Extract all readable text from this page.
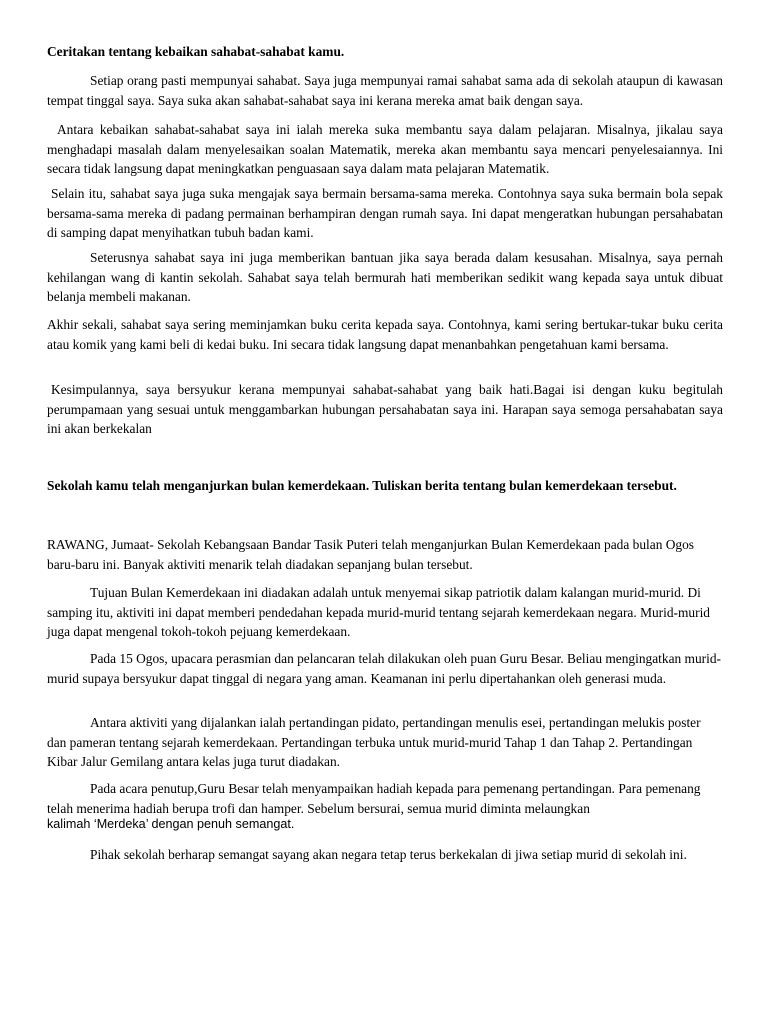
Ceritakan tentang kebaikan sahabat-sahabat kamu.

Setiap orang pasti mempunyai sahabat. Saya juga mempunyai ramai sahabat sama ada di sekolah ataupun di kawasan tempat tinggal saya. Saya suka akan sahabat-sahabat saya ini kerana mereka amat baik dengan saya.

Antara kebaikan sahabat-sahabat saya ini ialah mereka suka membantu saya dalam pelajaran. Misalnya, jikalau saya menghadapi masalah dalam menyelesaikan soalan Matematik, mereka akan membantu saya mencari penyelesaiannya. Ini secara tidak langsung dapat meningkatkan penguasaan saya dalam mata pelajaran Matematik.

Selain itu, sahabat saya juga suka mengajak saya bermain bersama-sama mereka. Contohnya saya suka bermain bola sepak bersama-sama mereka di padang permainan berhampiran dengan rumah saya. Ini dapat mengeratkan hubungan persahabatan di samping dapat menyihatkan tubuh badan kami.

Seterusnya sahabat saya ini juga memberikan bantuan jika saya berada dalam kesusahan. Misalnya, saya pernah kehilangan wang di kantin sekolah. Sahabat saya telah bermurah hati memberikan sedikit wang kepada saya untuk dibuat belanja membeli makanan.

Akhir sekali, sahabat saya sering meminjamkan buku cerita kepada saya. Contohnya, kami sering bertukar-tukar buku cerita atau komik yang kami beli di kedai buku. Ini secara tidak langsung dapat menanbahkan pengetahuan kami bersama.

Kesimpulannya, saya bersyukur kerana mempunyai sahabat-sahabat yang baik hati.Bagai isi dengan kuku begitulah perumpamaan yang sesuai untuk menggambarkan hubungan persahabatan saya ini. Harapan saya semoga persahabatan saya ini akan berkekalan

Sekolah kamu telah menganjurkan bulan kemerdekaan. Tuliskan berita tentang bulan kemerdekaan tersebut.

RAWANG, Jumaat- Sekolah Kebangsaan Bandar Tasik Puteri telah menganjurkan Bulan Kemerdekaan pada bulan Ogos baru-baru ini. Banyak aktiviti menarik telah diadakan sepanjang bulan tersebut.

Tujuan Bulan Kemerdekaan ini diadakan adalah untuk menyemai sikap patriotik dalam kalangan murid-murid. Di samping itu, aktiviti ini dapat memberi pendedahan kepada murid-murid tentang sejarah kemerdekaan negara. Murid-murid juga dapat mengenal tokoh-tokoh pejuang kemerdekaan.

Pada 15 Ogos, upacara perasmian dan pelancaran telah dilakukan oleh puan Guru Besar. Beliau mengingatkan murid-murid supaya bersyukur dapat tinggal di negara yang aman. Keamanan ini perlu dipertahankan oleh generasi muda.

Antara aktiviti yang dijalankan ialah pertandingan pidato, pertandingan menulis esei, pertandingan melukis poster dan pameran tentang sejarah kemerdekaan. Pertandingan terbuka untuk murid-murid Tahap 1 dan Tahap 2. Pertandingan Kibar Jalur Gemilang antara kelas juga turut diadakan.

Pada acara penutup,Guru Besar telah menyampaikan hadiah kepada para pemenang pertandingan. Para pemenang telah menerima hadiah berupa trofi dan hamper. Sebelum bersurai, semua murid diminta melaungkan

kalimah ‘Merdeka’ dengan penuh semangat.

Pihak sekolah berharap semangat sayang akan negara tetap terus berkekalan di jiwa setiap murid di sekolah ini.
